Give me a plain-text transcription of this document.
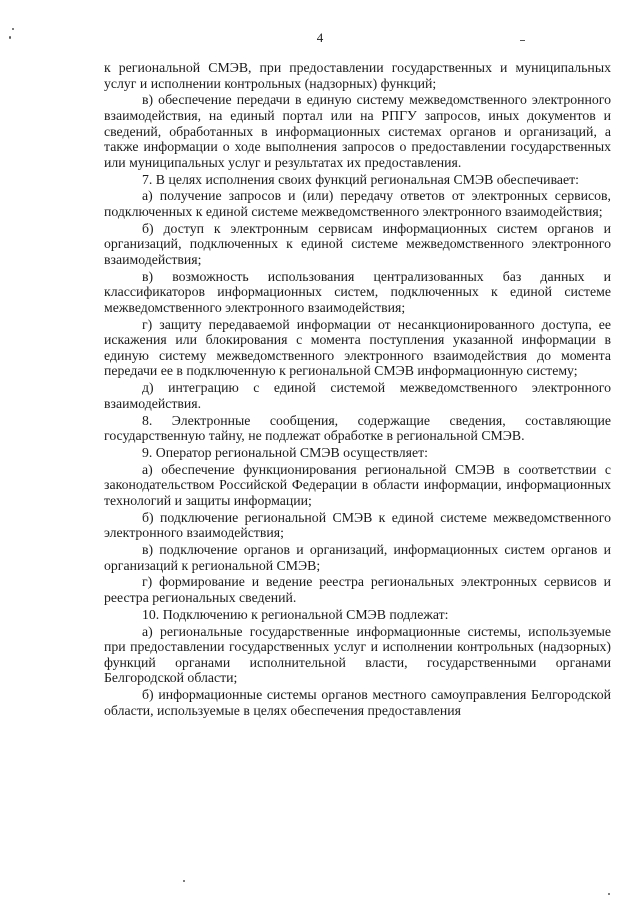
4

к региональной СМЭВ, при предоставлении государственных и муниципальных услуг и исполнении контрольных (надзорных) функций;

в) обеспечение передачи в единую систему межведомственного электронного взаимодействия, на единый портал или на РПГУ запросов, иных документов и сведений, обработанных в информационных системах органов и организаций, а также информации о ходе выполнения запросов о предоставлении государственных или муниципальных услуг и результатах их предоставления.

7. В целях исполнения своих функций региональная СМЭВ обеспечивает:

а) получение запросов и (или) передачу ответов от электронных сервисов, подключенных к единой системе межведомственного электронного взаимодействия;

б) доступ к электронным сервисам информационных систем органов и организаций, подключенных к единой системе межведомственного электронного взаимодействия;

в) возможность использования централизованных баз данных и классификаторов информационных систем, подключенных к единой системе межведомственного электронного взаимодействия;

г) защиту передаваемой информации от несанкционированного доступа, ее искажения или блокирования с момента поступления указанной информации в единую систему межведомственного электронного взаимодействия до момента передачи ее в подключенную к региональной СМЭВ информационную систему;

д) интеграцию с единой системой межведомственного электронного взаимодействия.

8. Электронные сообщения, содержащие сведения, составляющие государственную тайну, не подлежат обработке в региональной СМЭВ.

9. Оператор региональной СМЭВ осуществляет:

а) обеспечение функционирования региональной СМЭВ в соответствии с законодательством Российской Федерации в области информации, информационных технологий и защиты информации;

б) подключение региональной СМЭВ к единой системе межведомственного электронного взаимодействия;

в) подключение органов и организаций, информационных систем органов и организаций к региональной СМЭВ;

г) формирование и ведение реестра региональных электронных сервисов и реестра региональных сведений.

10. Подключению к региональной СМЭВ подлежат:

а) региональные государственные информационные системы, используемые при предоставлении государственных услуг и исполнении контрольных (надзорных) функций органами исполнительной власти, государственными органами Белгородской области;

б) информационные системы органов местного самоуправления Белгородской области, используемые в целях обеспечения предоставления
